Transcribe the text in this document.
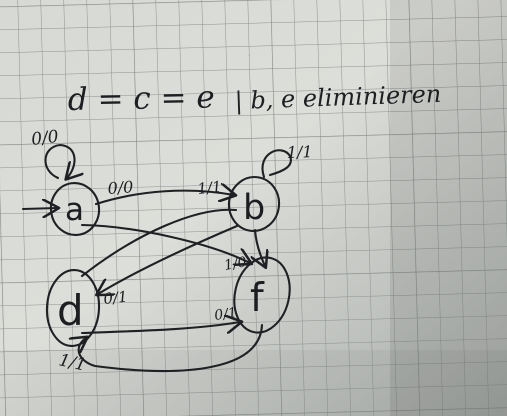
d = c = e | b, e eliminieren
a	b
d	f
0/0
0/0	1/1
1/1
1/0
0/1
0/1
1/1
